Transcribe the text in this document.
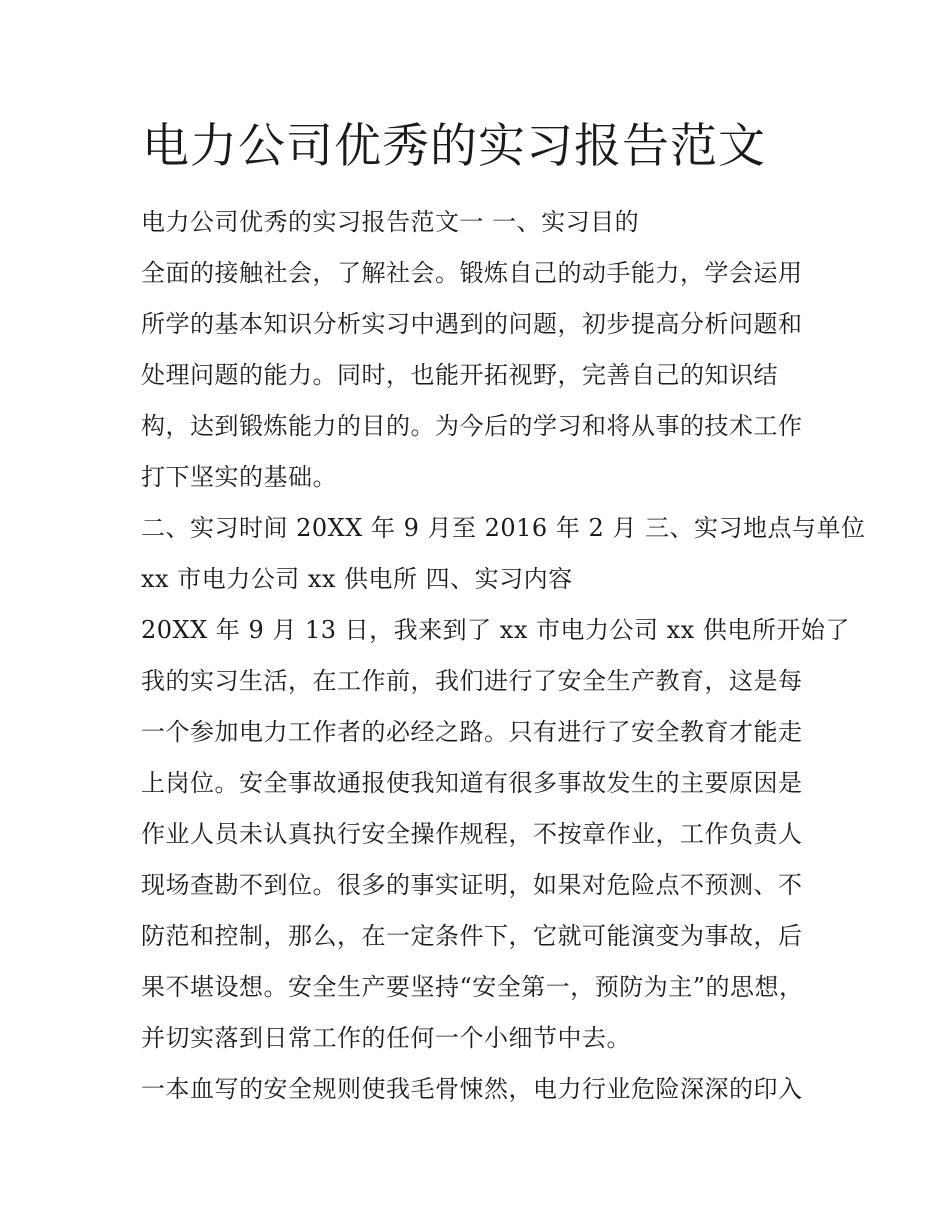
电力公司优秀的实习报告范文

电力公司优秀的实习报告范文一 一、实习目的

全面的接触社会，了解社会。锻炼自己的动手能力，学会运用

所学的基本知识分析实习中遇到的问题，初步提高分析问题和

处理问题的能力。同时，也能开拓视野，完善自己的知识结

构，达到锻炼能力的目的。为今后的学习和将从事的技术工作

打下坚实的基础。

二、实习时间 20XX 年 9 月至 2016 年 2 月 三、实习地点与单位

xx 市电力公司 xx 供电所 四、实习内容

20XX 年 9 月 13 日，我来到了 xx 市电力公司 xx 供电所开始了

我的实习生活，在工作前，我们进行了安全生产教育，这是每

一个参加电力工作者的必经之路。只有进行了安全教育才能走

上岗位。安全事故通报使我知道有很多事故发生的主要原因是

作业人员未认真执行安全操作规程，不按章作业，工作负责人

现场查勘不到位。很多的事实证明，如果对危险点不预测、不

防范和控制，那么，在一定条件下，它就可能演变为事故，后

果不堪设想。安全生产要坚持“安全第一，预防为主”的思想，

并切实落到日常工作的任何一个小细节中去。

一本血写的安全规则使我毛骨悚然，电力行业危险深深的印入
